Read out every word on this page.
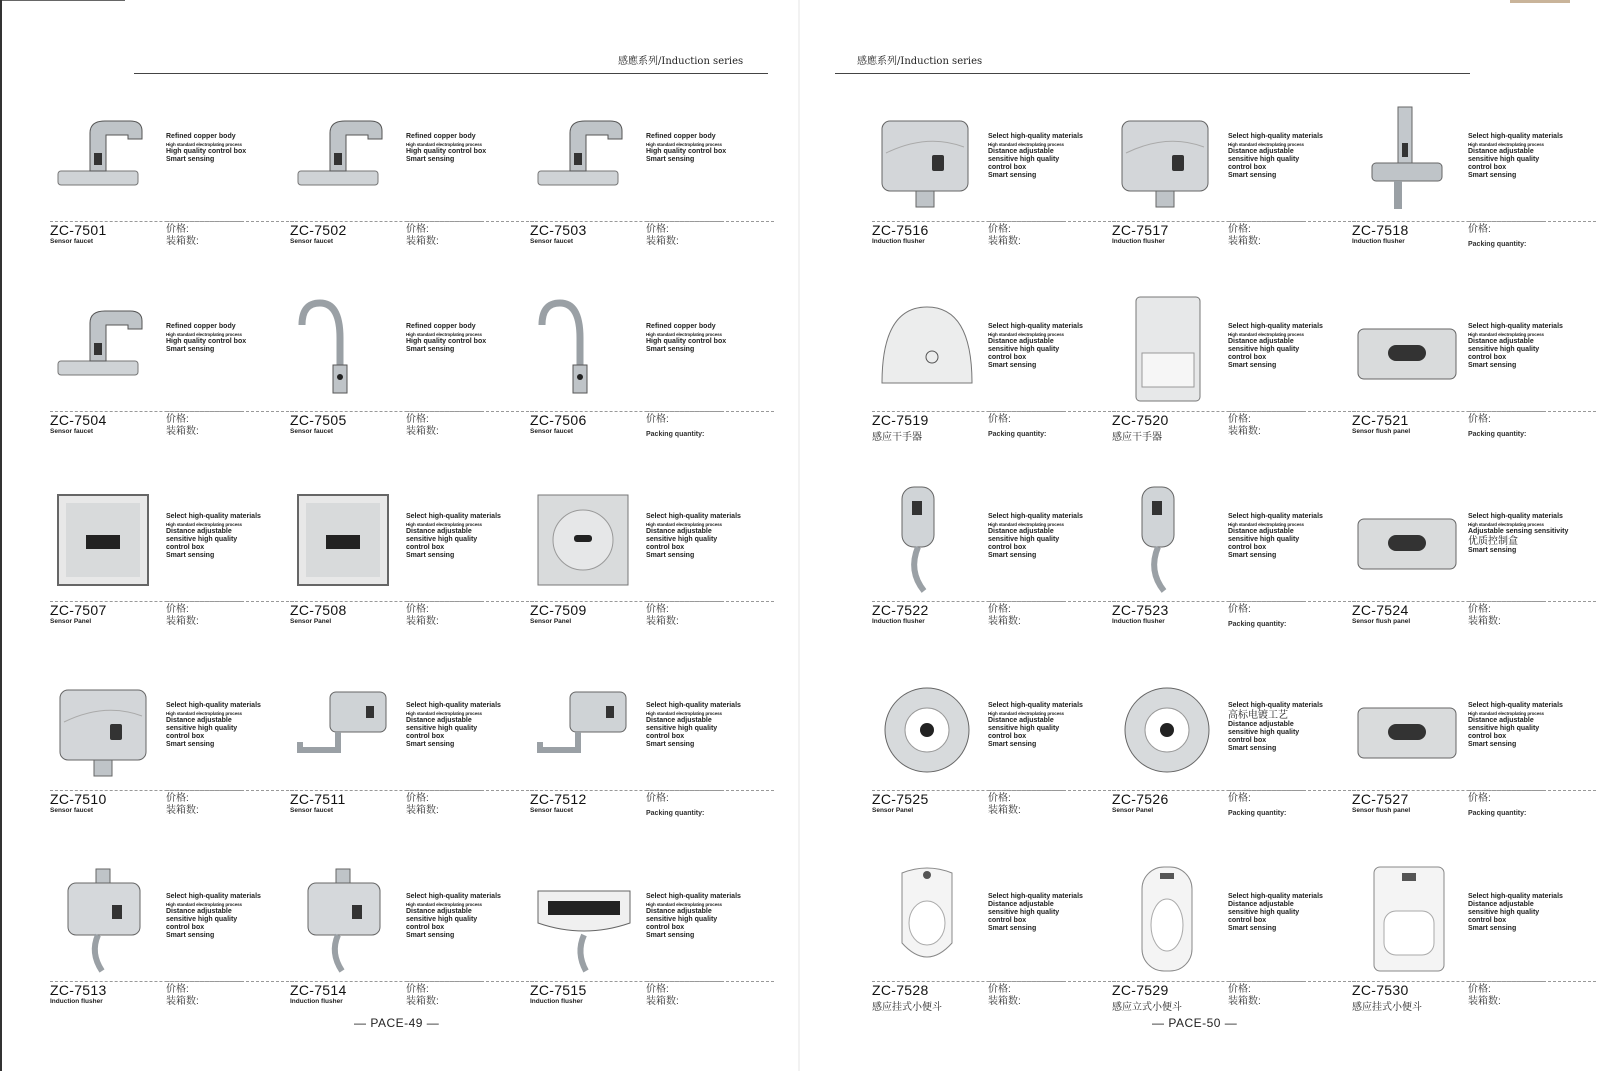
感應系列/Induction series
— PACE-49 —
感應系列/Induction series
— PACE-50 —
Refined copper body
High standard electroplating process
High quality control box
Smart sensing
ZC-7501
Sensor faucet
价格:
装箱数:
Refined copper body
High standard electroplating process
High quality control box
Smart sensing
ZC-7502
Sensor faucet
价格:
装箱数:
Refined copper body
High standard electroplating process
High quality control box
Smart sensing
ZC-7503
Sensor faucet
价格:
装箱数:
Refined copper body
High standard electroplating process
High quality control box
Smart sensing
ZC-7504
Sensor faucet
价格:
装箱数:
Refined copper body
High standard electroplating process
High quality control box
Smart sensing
ZC-7505
Sensor faucet
价格:
装箱数:
Refined copper body
High standard electroplating process
High quality control box
Smart sensing
ZC-7506
Sensor faucet
价格:
Packing quantity:
Select high-quality materials
High standard electroplating process
Distance adjustable sensitive high quality control box
Smart sensing
ZC-7507
Sensor Panel
价格:
装箱数:
Select high-quality materials
High standard electroplating process
Distance adjustable sensitive high quality control box
Smart sensing
ZC-7508
Sensor Panel
价格:
装箱数:
Select high-quality materials
High standard electroplating process
Distance adjustable sensitive high quality control box
Smart sensing
ZC-7509
Sensor Panel
价格:
装箱数:
Select high-quality materials
High standard electroplating process
Distance adjustable sensitive high quality control box
Smart sensing
ZC-7510
Sensor faucet
价格:
装箱数:
Select high-quality materials
High standard electroplating process
Distance adjustable sensitive high quality control box
Smart sensing
ZC-7511
Sensor faucet
价格:
装箱数:
Select high-quality materials
High standard electroplating process
Distance adjustable sensitive high quality control box
Smart sensing
ZC-7512
Sensor faucet
价格:
Packing quantity:
Select high-quality materials
High standard electroplating process
Distance adjustable sensitive high quality control box
Smart sensing
ZC-7513
Induction flusher
价格:
装箱数:
Select high-quality materials
High standard electroplating process
Distance adjustable sensitive high quality control box
Smart sensing
ZC-7514
Induction flusher
价格:
装箱数:
Select high-quality materials
High standard electroplating process
Distance adjustable sensitive high quality control box
Smart sensing
ZC-7515
Induction flusher
价格:
装箱数:
Select high-quality materials
High standard electroplating process
Distance adjustable sensitive high quality control box
Smart sensing
ZC-7516
Induction flusher
价格:
装箱数:
Select high-quality materials
High standard electroplating process
Distance adjustable sensitive high quality control box
Smart sensing
ZC-7517
Induction flusher
价格:
装箱数:
Select high-quality materials
High standard electroplating process
Distance adjustable sensitive high quality control box
Smart sensing
ZC-7518
Induction flusher
价格:
Packing quantity:
Select high-quality materials
High standard electroplating process
Distance adjustable sensitive high quality control box
Smart sensing
ZC-7519
感应干手器
价格:
Packing quantity:
Select high-quality materials
High standard electroplating process
Distance adjustable sensitive high quality control box
Smart sensing
ZC-7520
感应干手器
价格:
装箱数:
Select high-quality materials
High standard electroplating process
Distance adjustable sensitive high quality control box
Smart sensing
ZC-7521
Sensor flush panel
价格:
Packing quantity:
Select high-quality materials
High standard electroplating process
Distance adjustable sensitive high quality control box
Smart sensing
ZC-7522
Induction flusher
价格:
装箱数:
Select high-quality materials
High standard electroplating process
Distance adjustable sensitive high quality control box
Smart sensing
ZC-7523
Induction flusher
价格:
Packing quantity:
Select high-quality materials
High standard electroplating process
Adjustable sensing sensitivity
优质控制盒
Smart sensing
ZC-7524
Sensor flush panel
价格:
装箱数:
Select high-quality materials
High standard electroplating process
Distance adjustable sensitive high quality control box
Smart sensing
ZC-7525
Sensor Panel
价格:
装箱数:
Select high-quality materials
高标电镀工艺
Distance adjustable sensitive high quality control box
Smart sensing
ZC-7526
Sensor Panel
价格:
Packing quantity:
Select high-quality materials
High standard electroplating process
Distance adjustable sensitive high quality control box
Smart sensing
ZC-7527
Sensor flush panel
价格:
Packing quantity:
Select high-quality materials
Distance adjustable sensitive high quality control box
Smart sensing
ZC-7528
感应挂式小便斗
价格:
装箱数:
Select high-quality materials
Distance adjustable sensitive high quality control box
Smart sensing
ZC-7529
感应立式小便斗
价格:
装箱数:
Select high-quality materials
Distance adjustable sensitive high quality control box
Smart sensing
ZC-7530
感应挂式小便斗
价格:
装箱数:
